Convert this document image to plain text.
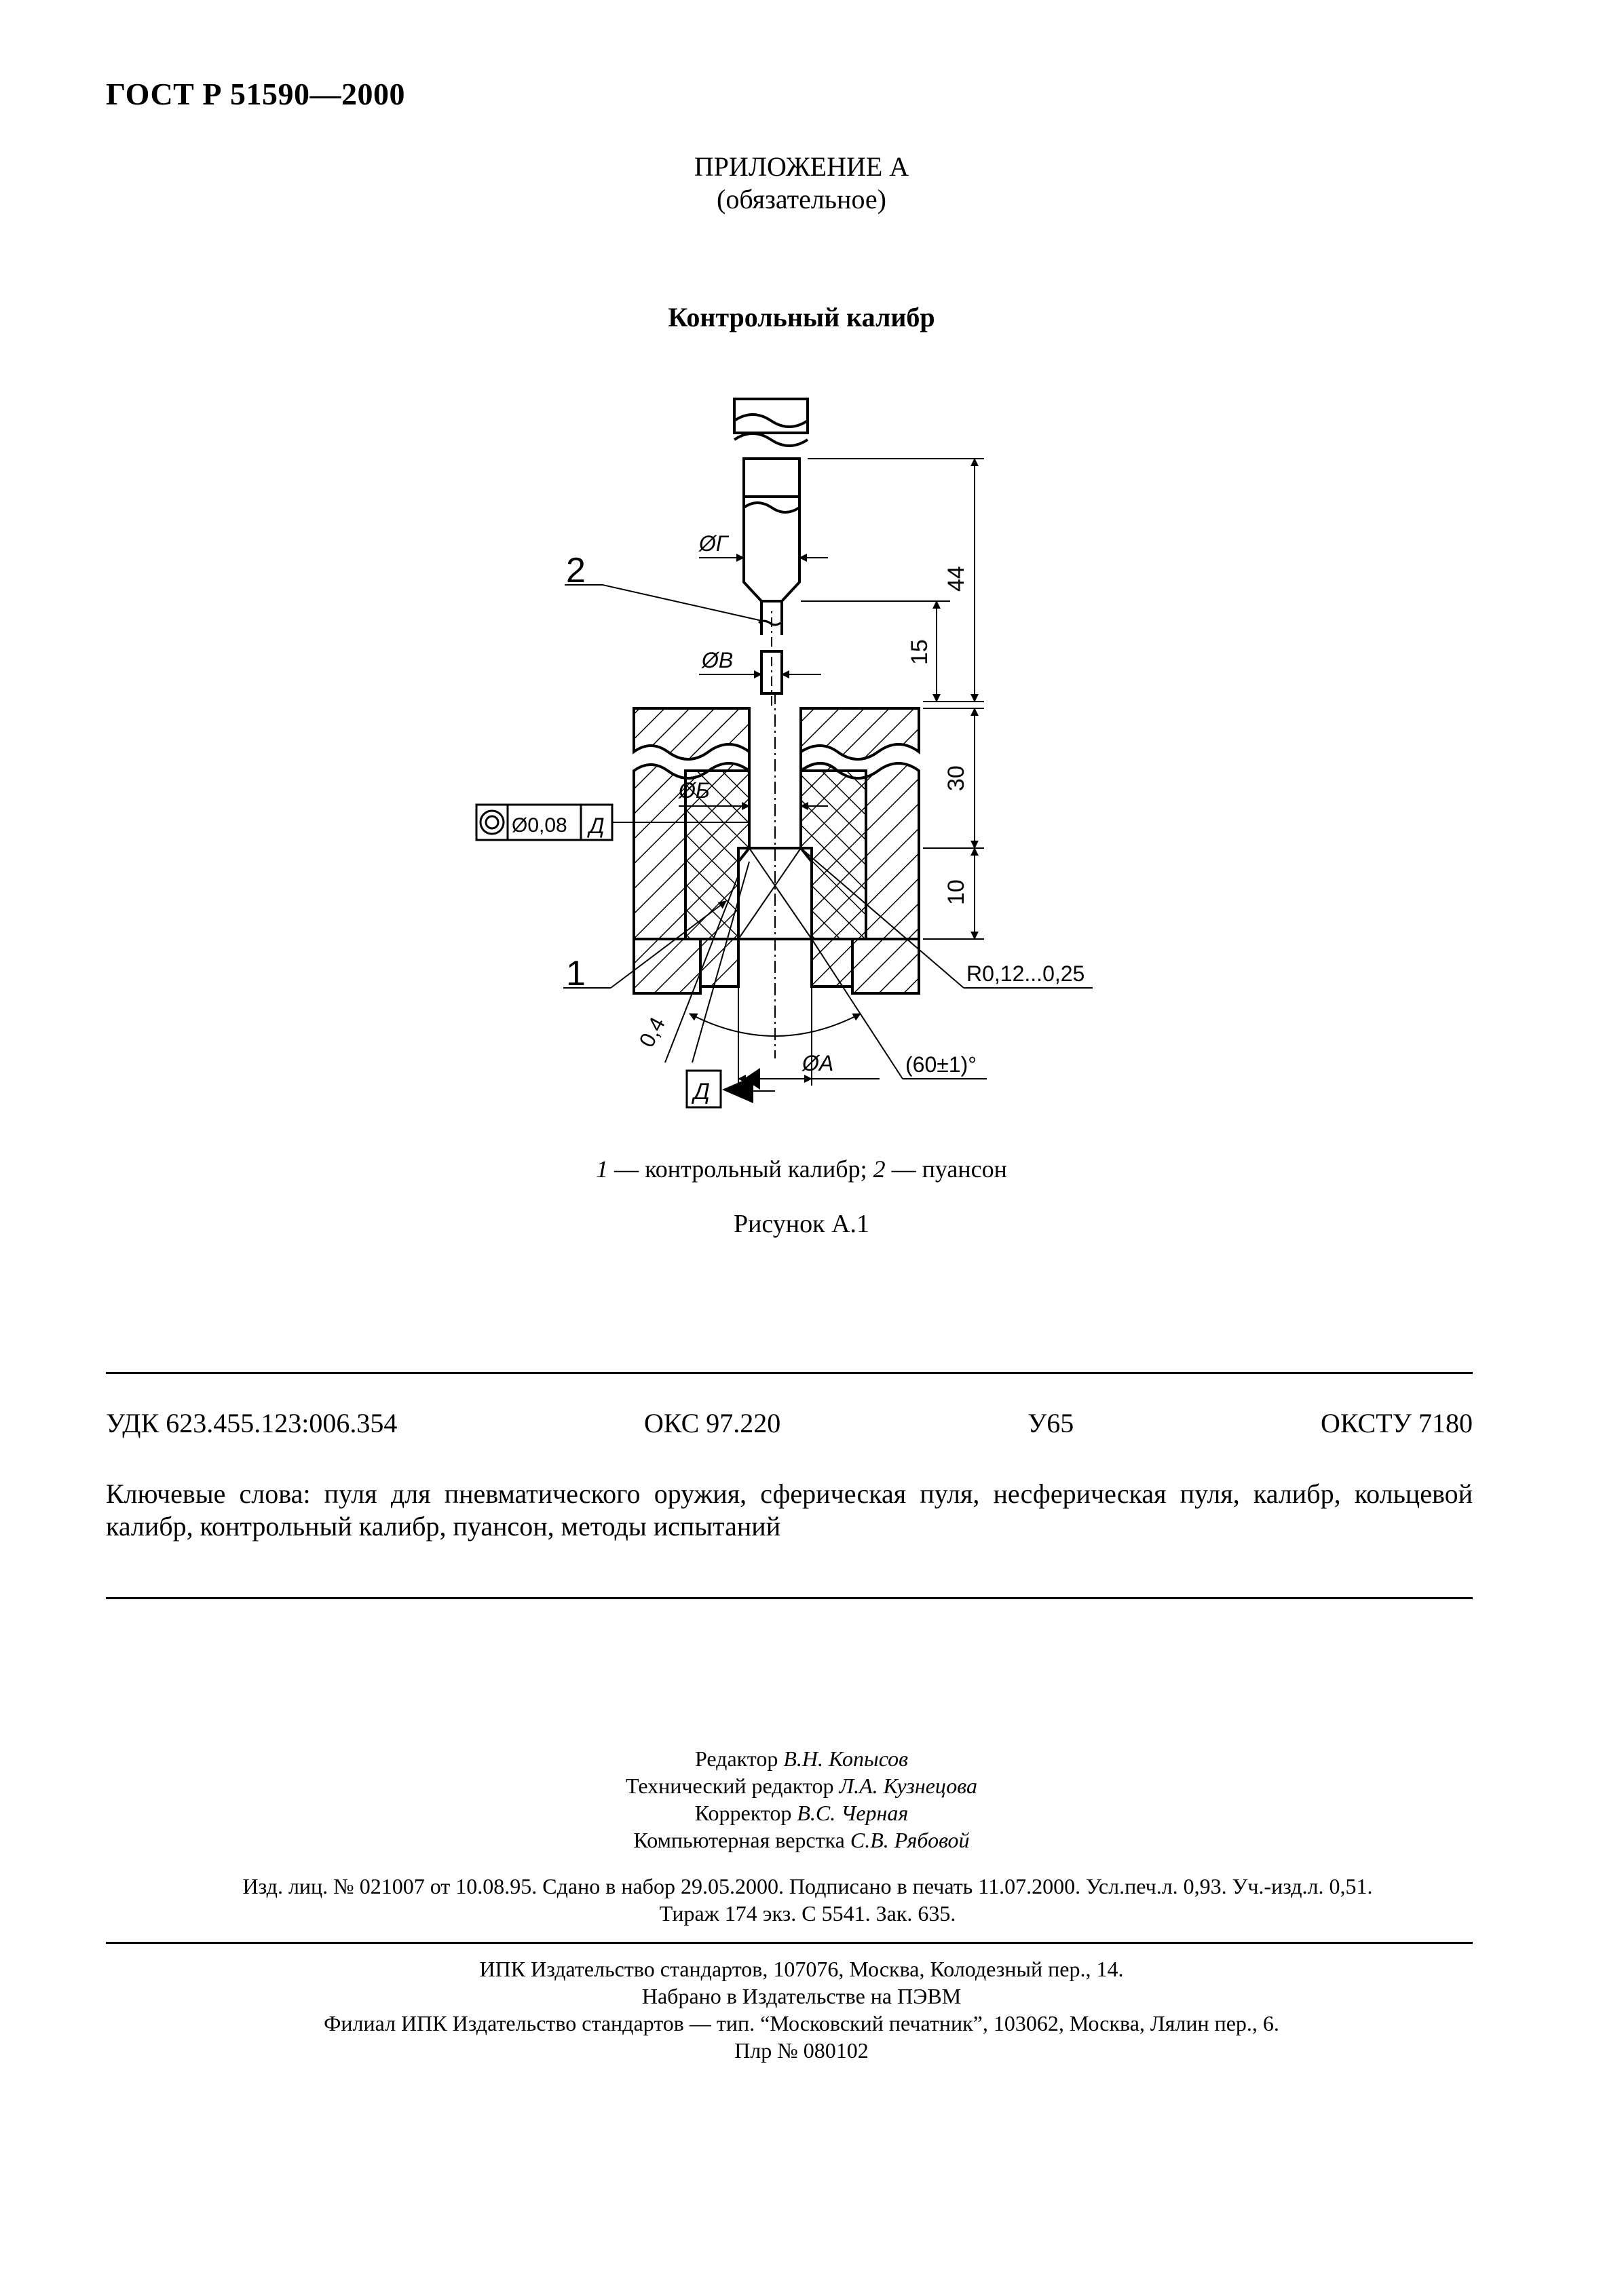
ГОСТ Р 51590—2000
ПРИЛОЖЕНИЕ А
(обязательное)
Контрольный калибр
Ø0,08 Д
Д
ØГ
ØВ
ØБ
ØА
44
15
30
10
R0,12...0,25
0,4
(60±1)°
2
1
1 — контрольный калибр; 2 — пуансон
Рисунок А.1
УДК 623.455.123:006.354	ОКС 97.220	У65	ОКСТУ 7180
Ключевые слова: пуля для пневматического оружия, сферическая пуля, несферическая пуля, калибр, кольцевой калибр, контрольный калибр, пуансон, методы испытаний
Редактор В.Н. Копысов
Технический редактор Л.А. Кузнецова
Корректор В.С. Черная
Компьютерная верстка С.В. Рябовой
Изд. лиц. № 021007 от 10.08.95. Сдано в набор 29.05.2000. Подписано в печать 11.07.2000. Усл.печ.л. 0,93. Уч.-изд.л. 0,51.
Тираж 174 экз. С 5541. Зак. 635.
ИПК Издательство стандартов, 107076, Москва, Колодезный пер., 14.
Набрано в Издательстве на ПЭВМ
Филиал ИПК Издательство стандартов — тип. “Московский печатник”, 103062, Москва, Лялин пер., 6.
Плр № 080102
